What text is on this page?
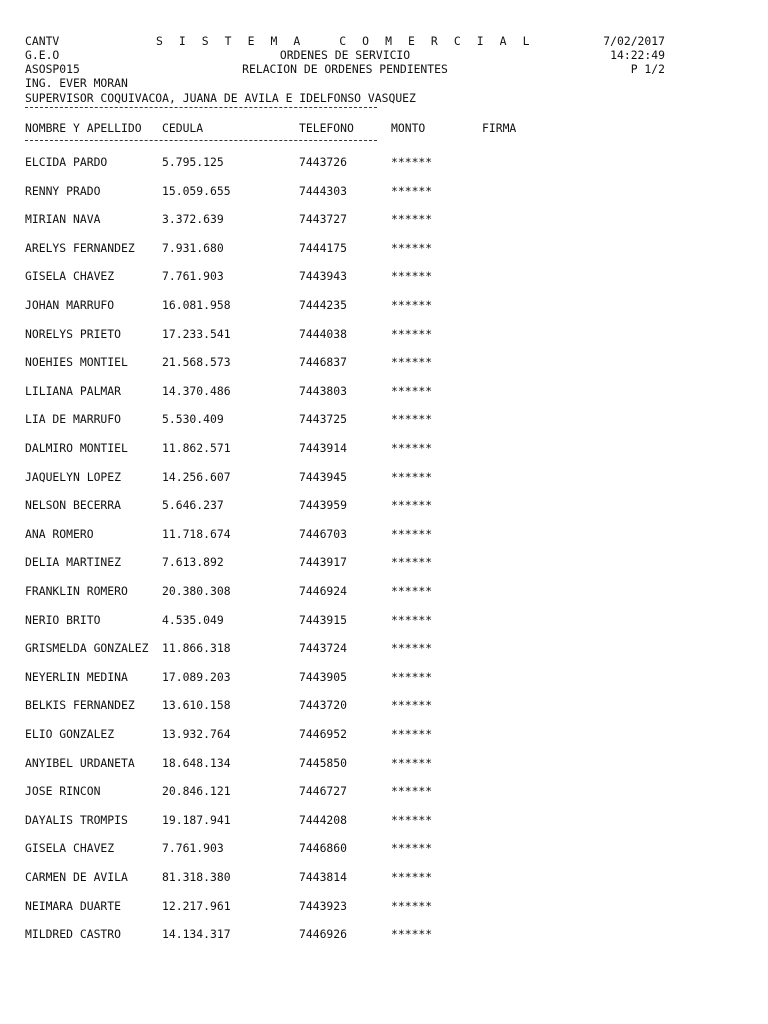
CANTV
G.E.O
ASOSP015
ING. EVER MORAN
SUPERVISOR COQUIVACOA, JUANA DE AVILA E IDELFONSO VASQUEZ
S I S T E M A   C O M E R C I A L
ORDENES DE SERVICIO
RELACION DE ORDENES PENDIENTES
7/02/2017
14:22:49
P 1/2
NOMBRE Y APELLIDO CEDULA	TELEFONO	MONTO	FIRMA
ELCIDA PARDO	5.795.125	7443726	******
RENNY PRADO	15.059.655	7444303	******
MIRIAN NAVA	3.372.639	7443727	******
ARELYS FERNANDEZ 7.931.680	7444175	******
GISELA CHAVEZ	7.761.903	7443943	******
JOHAN MARRUFO	16.081.958	7444235	******
NORELYS PRIETO	17.233.541	7444038	******
NOEHIES MONTIEL	21.568.573	7446837	******
LILIANA PALMAR	14.370.486	7443803	******
LIA DE MARRUFO	5.530.409	7443725	******
DALMIRO MONTIEL	11.862.571	7443914	******
JAQUELYN LOPEZ	14.256.607	7443945	******
NELSON BECERRA	5.646.237	7443959	******
ANA ROMERO	11.718.674	7446703	******
DELIA MARTINEZ	7.613.892	7443917	******
FRANKLIN ROMERO	20.380.308	7446924	******
NERIO BRITO	4.535.049	7443915	******
GRISMELDA GONZALEZ 11.866.318	7443724	******
NEYERLIN MEDINA	17.089.203	7443905	******
BELKIS FERNANDEZ 13.610.158	7443720	******
ELIO GONZALEZ	13.932.764	7446952	******
ANYIBEL URDANETA 18.648.134	7445850	******
JOSE RINCON	20.846.121	7446727	******
DAYALIS TROMPIS	19.187.941	7444208	******
GISELA CHAVEZ	7.761.903	7446860	******
CARMEN DE AVILA	81.318.380	7443814	******
NEIMARA DUARTE	12.217.961	7443923	******
MILDRED CASTRO	14.134.317	7446926	******
